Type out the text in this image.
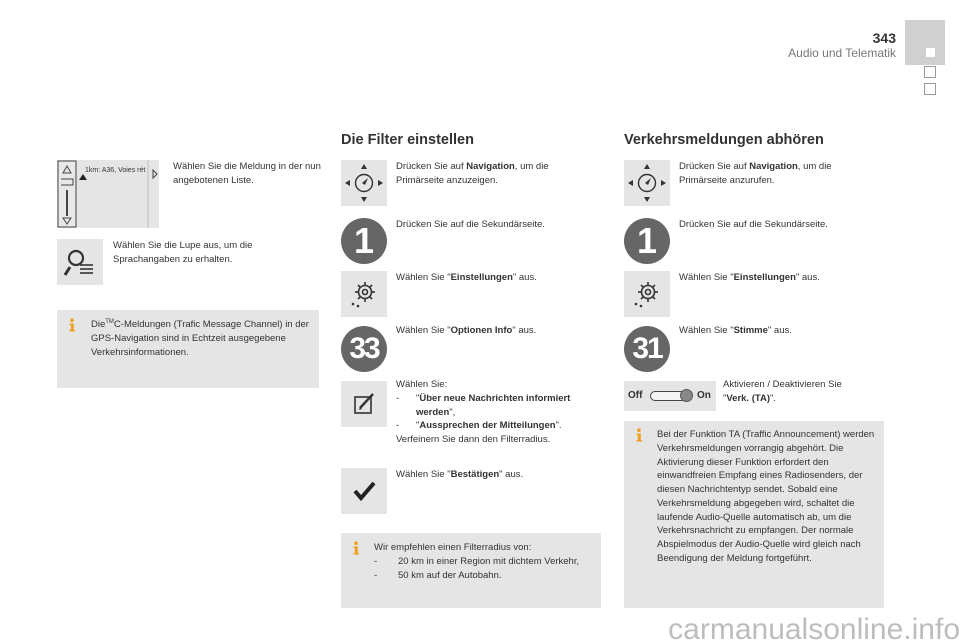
343
Audio und Telematik
1km: A36, Voies rét	Wählen Sie die Meldung in der nun angebotenen Liste.
Wählen Sie die Lupe aus, um die Sprachangaben zu erhalten.
Die™C-Meldungen (Trafic Message Channel) in der GPS-Navigation sind in Echtzeit ausgegebene Verkehrsinformationen.
Die Filter einstellen
Drücken Sie auf Navigation, um die Primärseite anzuzeigen.
1	Drücken Sie auf die Sekundärseite.
Wählen Sie "Einstellungen" aus.
33
Wählen Sie "Optionen Info" aus.
Wählen Sie:
- "Über neue Nachrichten informiert werden",
- "Aussprechen der Mitteilungen".
Verfeinern Sie dann den Filterradius.
Wählen Sie "Bestätigen" aus.
Wir empfehlen einen Filterradius von:
- 20 km in einer Region mit dichtem Verkehr,
- 50 km auf der Autobahn.
Verkehrsmeldungen abhören
Drücken Sie auf Navigation, um die Primärseite anzurufen.
1	Drücken Sie auf die Sekundärseite.
Wählen Sie "Einstellungen" aus.
31
Wählen Sie "Stimme" aus.
Off	On
Aktivieren / Deaktivieren Sie
"Verk. (TA)".
Bei der Funktion TA (Traffic Announcement) werden Verkehrsmeldungen vorrangig abgehört. Die Aktivierung dieser Funktion erfordert den einwandfreien Empfang eines Radiosenders, der diesen Nachrichtentyp sendet. Sobald eine Verkehrsmeldung abgegeben wird, schaltet die laufende Audio-Quelle automatisch ab, um die Verkehrsnachricht zu empfangen. Der normale Abspielmodus der Audio-Quelle wird gleich nach Beendigung der Meldung fortgeführt.
carmanualsonline.info
